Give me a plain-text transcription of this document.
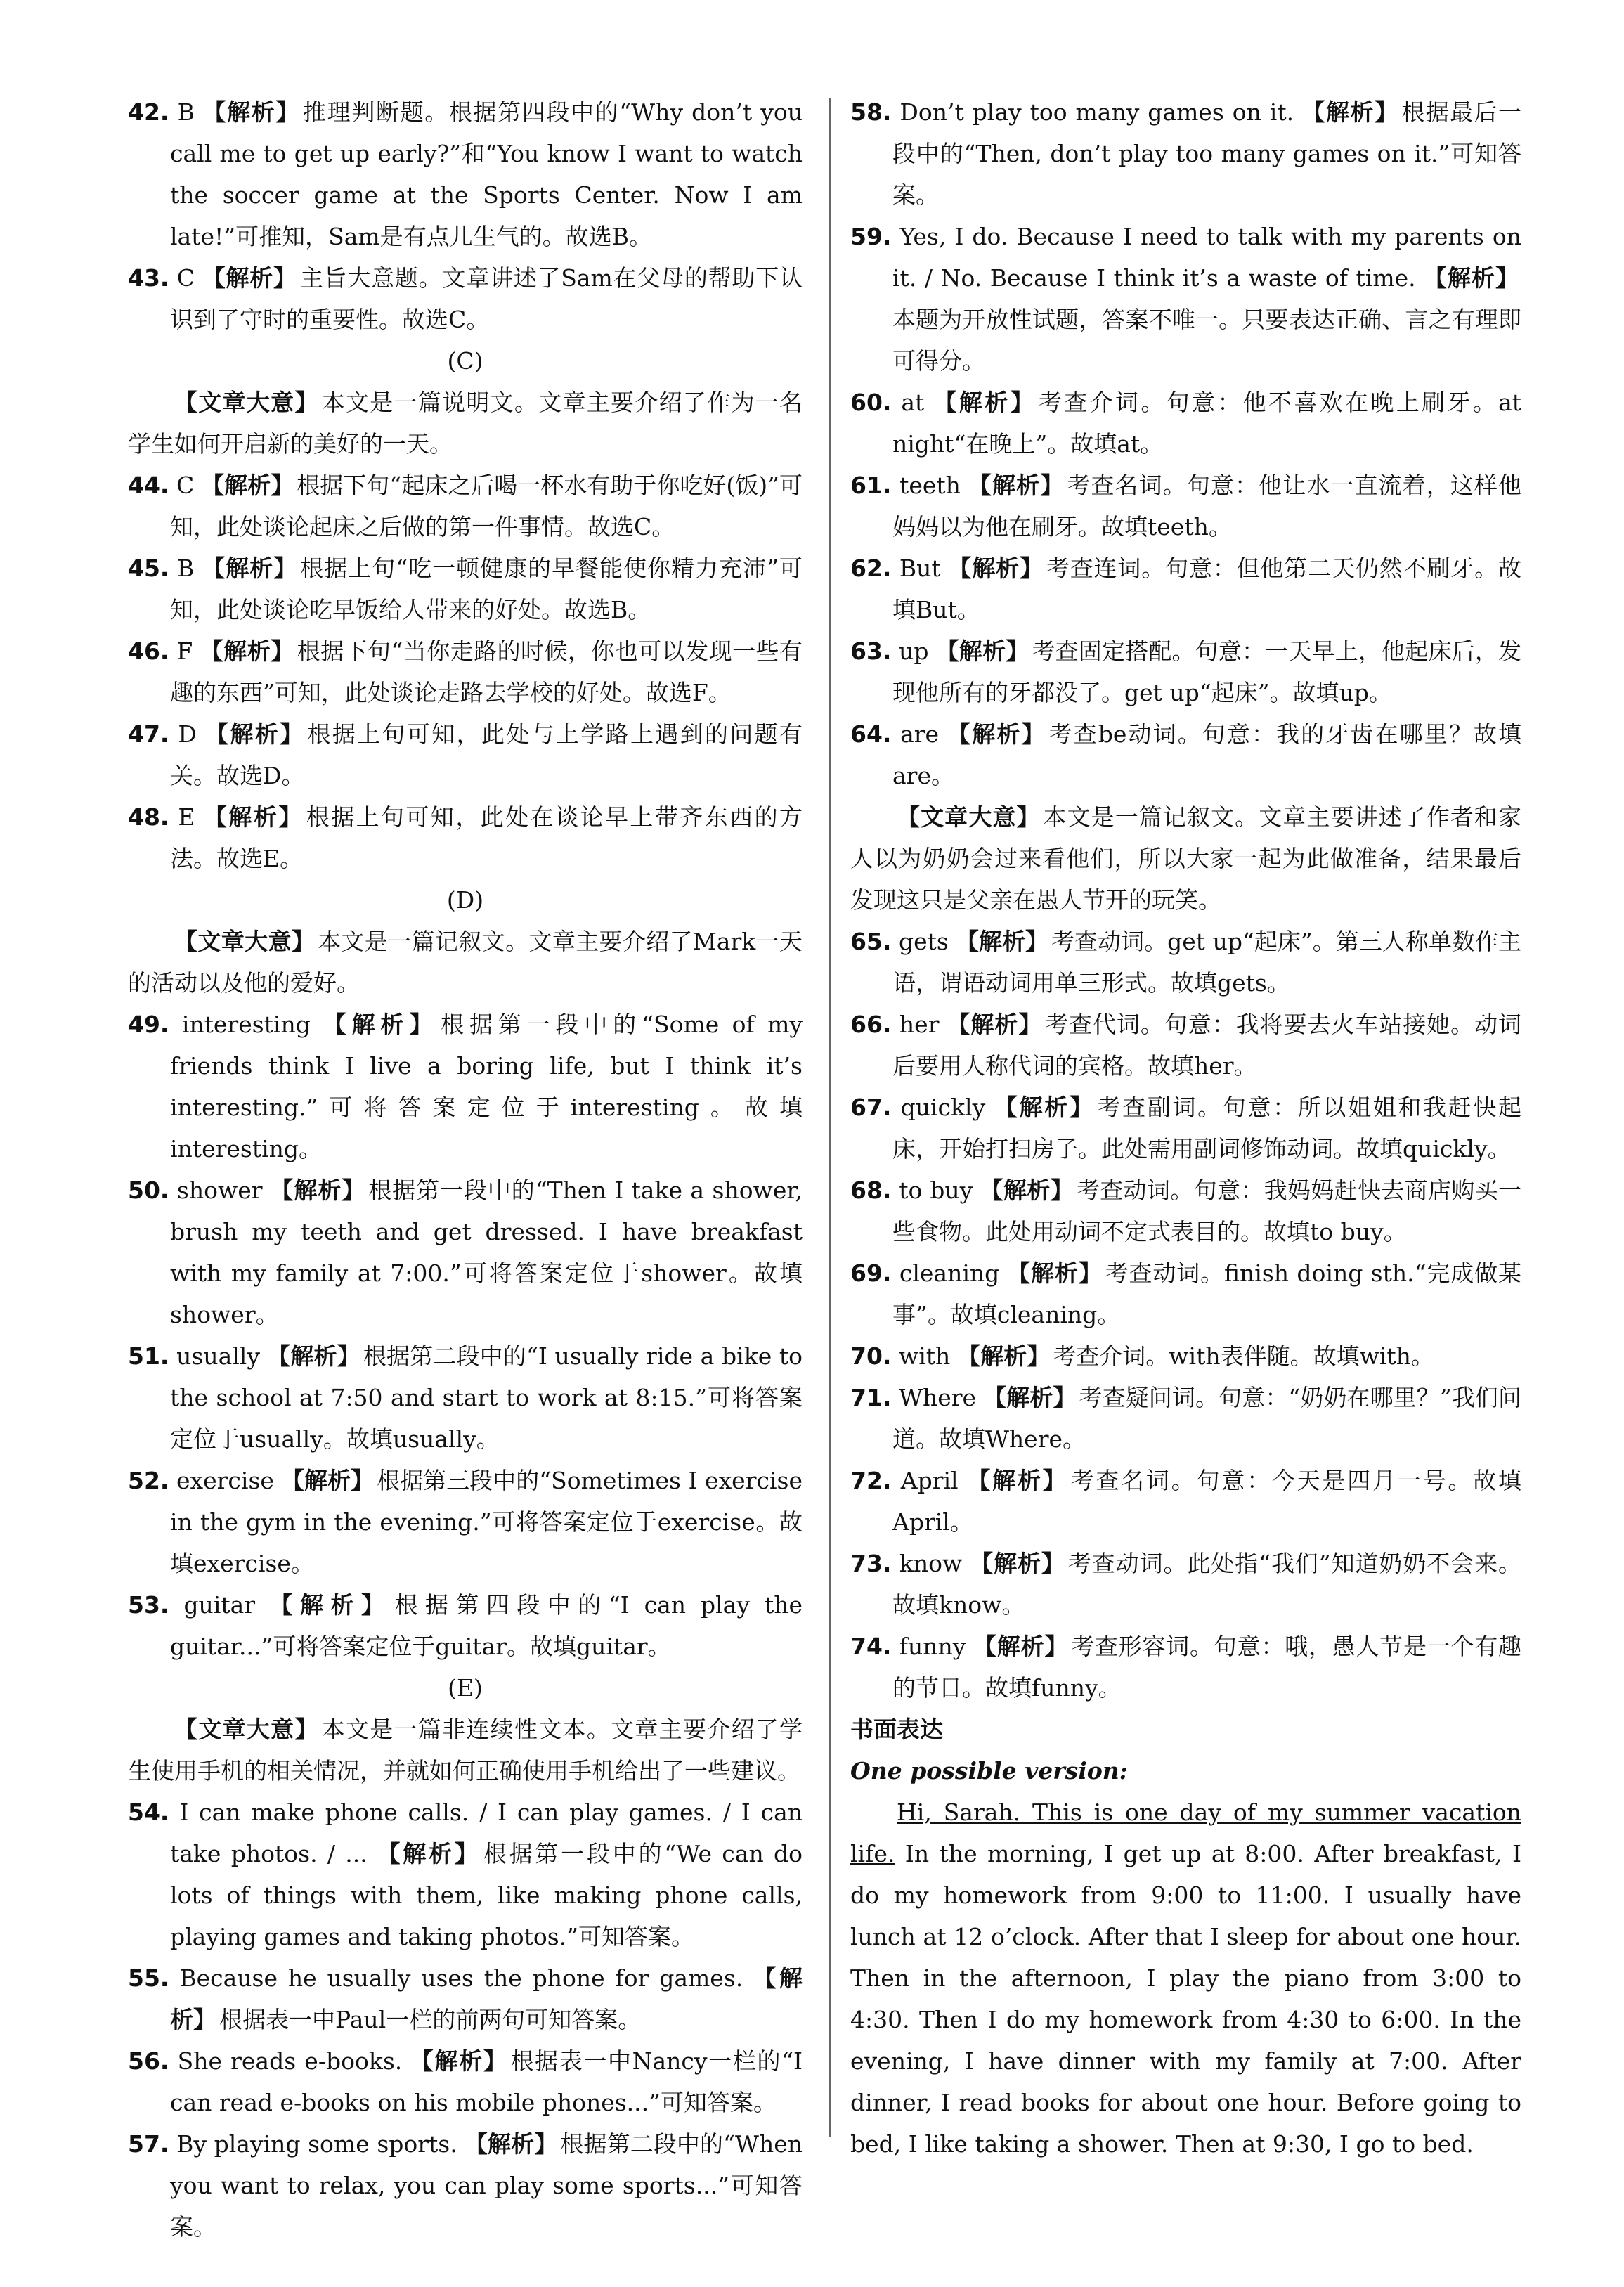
42. B 【解析】 推理判断题。根据第四段中的“Why don’t you call me to get up early?”和“You know I want to watch the soccer game at the Sports Center. Now I am late!”可推知，Sam是有点儿生气的。故选B。
43. C 【解析】 主旨大意题。文章讲述了Sam在父母的帮助下认识到了守时的重要性。故选C。
(C)
【文章大意】 本文是一篇说明文。文章主要介绍了作为一名学生如何开启新的美好的一天。
44. C 【解析】 根据下句“起床之后喝一杯水有助于你吃好(饭)”可知，此处谈论起床之后做的第一件事情。故选C。
45. B 【解析】 根据上句“吃一顿健康的早餐能使你精力充沛”可知，此处谈论吃早饭给人带来的好处。故选B。
46. F 【解析】 根据下句“当你走路的时候，你也可以发现一些有趣的东西”可知，此处谈论走路去学校的好处。故选F。
47. D 【解析】 根据上句可知，此处与上学路上遇到的问题有关。故选D。
48. E 【解析】 根据上句可知，此处在谈论早上带齐东西的方法。故选E。
(D)
【文章大意】 本文是一篇记叙文。文章主要介绍了Mark一天的活动以及他的爱好。
49. interesting 【解析】 根据第一段中的“Some of my friends think I live a boring life, but I think it’s interesting.”可将答案定位于interesting。故填interesting。
50. shower 【解析】 根据第一段中的“Then I take a shower, brush my teeth and get dressed. I have breakfast with my family at 7:00.”可将答案定位于shower。故填shower。
51. usually 【解析】 根据第二段中的“I usually ride a bike to the school at 7:50 and start to work at 8:15.”可将答案定位于usually。故填usually。
52. exercise 【解析】 根据第三段中的“Sometimes I exercise in the gym in the evening.”可将答案定位于exercise。故填exercise。
53. guitar 【解析】 根据第四段中的“I can play the guitar...”可将答案定位于guitar。故填guitar。
(E)
【文章大意】 本文是一篇非连续性文本。文章主要介绍了学生使用手机的相关情况，并就如何正确使用手机给出了一些建议。
54. I can make phone calls. / I can play games. / I can take photos. / ... 【解析】 根据第一段中的“We can do lots of things with them, like making phone calls, playing games and taking photos.”可知答案。
55. Because he usually uses the phone for games. 【解析】 根据表一中Paul一栏的前两句可知答案。
56. She reads e-books. 【解析】 根据表一中Nancy一栏的“I can read e-books on his mobile phones...”可知答案。
57. By playing some sports. 【解析】 根据第二段中的“When you want to relax, you can play some sports...”可知答案。
58. Don’t play too many games on it. 【解析】 根据最后一段中的“Then, don’t play too many games on it.”可知答案。
59. Yes, I do. Because I need to talk with my parents on it. / No. Because I think it’s a waste of time. 【解析】本题为开放性试题，答案不唯一。只要表达正确、言之有理即可得分。
60. at 【解析】 考查介词。句意：他不喜欢在晚上刷牙。at night“在晚上”。故填at。
61. teeth 【解析】 考查名词。句意：他让水一直流着，这样他妈妈以为他在刷牙。故填teeth。
62. But 【解析】 考查连词。句意：但他第二天仍然不刷牙。故填But。
63. up 【解析】 考查固定搭配。句意：一天早上，他起床后，发现他所有的牙都没了。get up“起床”。故填up。
64. are 【解析】 考查be动词。句意：我的牙齿在哪里？故填are。
【文章大意】 本文是一篇记叙文。文章主要讲述了作者和家人以为奶奶会过来看他们，所以大家一起为此做准备，结果最后发现这只是父亲在愚人节开的玩笑。
65. gets 【解析】 考查动词。get up“起床”。第三人称单数作主语，谓语动词用单三形式。故填gets。
66. her 【解析】 考查代词。句意：我将要去火车站接她。动词后要用人称代词的宾格。故填her。
67. quickly 【解析】 考查副词。句意：所以姐姐和我赶快起床，开始打扫房子。此处需用副词修饰动词。故填quickly。
68. to buy 【解析】 考查动词。句意：我妈妈赶快去商店购买一些食物。此处用动词不定式表目的。故填to buy。
69. cleaning 【解析】 考查动词。finish doing sth.“完成做某事”。故填cleaning。
70. with 【解析】 考查介词。with表伴随。故填with。
71. Where 【解析】 考查疑问词。句意：“奶奶在哪里？”我们问道。故填Where。
72. April 【解析】 考查名词。句意：今天是四月一号。故填April。
73. know 【解析】 考查动词。此处指“我们”知道奶奶不会来。故填know。
74. funny 【解析】 考查形容词。句意：哦，愚人节是一个有趣的节日。故填funny。
书面表达
One possible version:
Hi, Sarah. This is one day of my summer vacation life. In the morning, I get up at 8:00. After breakfast, I do my homework from 9:00 to 11:00. I usually have lunch at 12 o’clock. After that I sleep for about one hour. Then in the afternoon, I play the piano from 3:00 to 4:30. Then I do my homework from 4:30 to 6:00. In the evening, I have dinner with my family at 7:00. After dinner, I read books for about one hour. Before going to bed, I like taking a shower. Then at 9:30, I go to bed.
